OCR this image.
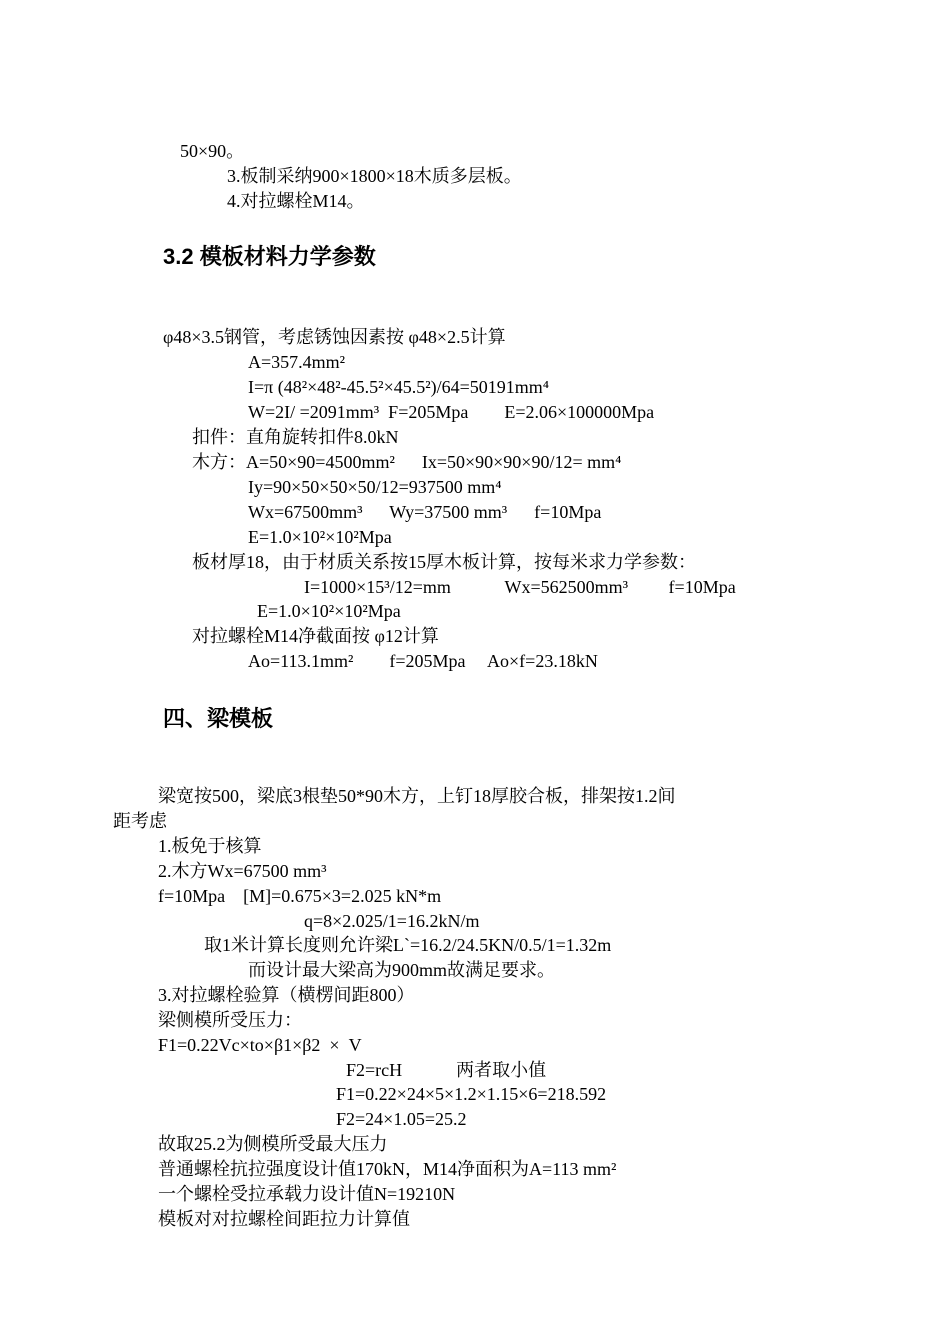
50×90。
3.板制采纳900×1800×18木质多层板。
4.对拉螺栓M14。
3.2 模板材料力学参数
φ48×3.5钢管，考虑锈蚀因素按 φ48×2.5计算
A=357.4mm²
I=π (48²×48²-45.5²×45.5²)/64=50191mm⁴
W=2I/ =2091mm³  F=205Mpa        E=2.06×100000Mpa
扣件：直角旋转扣件8.0kN
木方：A=50×90=4500mm²      Ix=50×90×90×90/12= mm⁴
Iy=90×50×50×50/12=937500 mm⁴
Wx=67500mm³      Wy=37500 mm³      f=10Mpa
E=1.0×10²×10²Mpa
板材厚18，由于材质关系按15厚木板计算，按每米求力学参数：
I=1000×15³/12=mm            Wx=562500mm³         f=10Mpa
E=1.0×10²×10²Mpa
对拉螺栓M14净截面按 φ12计算
Ao=113.1mm²        f=205Mpa     Ao×f=23.18kN
四、梁模板
梁宽按500，梁底3根垫50*90木方，上钉18厚胶合板，排架按1.2间
距考虑
1.板免于核算
2.木方Wx=67500 mm³
f=10Mpa    [M]=0.675×3=2.025 kN*m
q=8×2.025/1=16.2kN/m
取1米计算长度则允许梁L`=16.2/24.5KN/0.5/1=1.32m
而设计最大梁高为900mm故满足要求。
3.对拉螺栓验算（横楞间距800）
梁侧模所受压力：
F1=0.22Vc×to×β1×β2  ×  V
F2=rcH            两者取小值
F1=0.22×24×5×1.2×1.15×6=218.592
F2=24×1.05=25.2
故取25.2为侧模所受最大压力
普通螺栓抗拉强度设计值170kN，M14净面积为A=113 mm²
一个螺栓受拉承载力设计值N=19210N
模板对对拉螺栓间距拉力计算值
